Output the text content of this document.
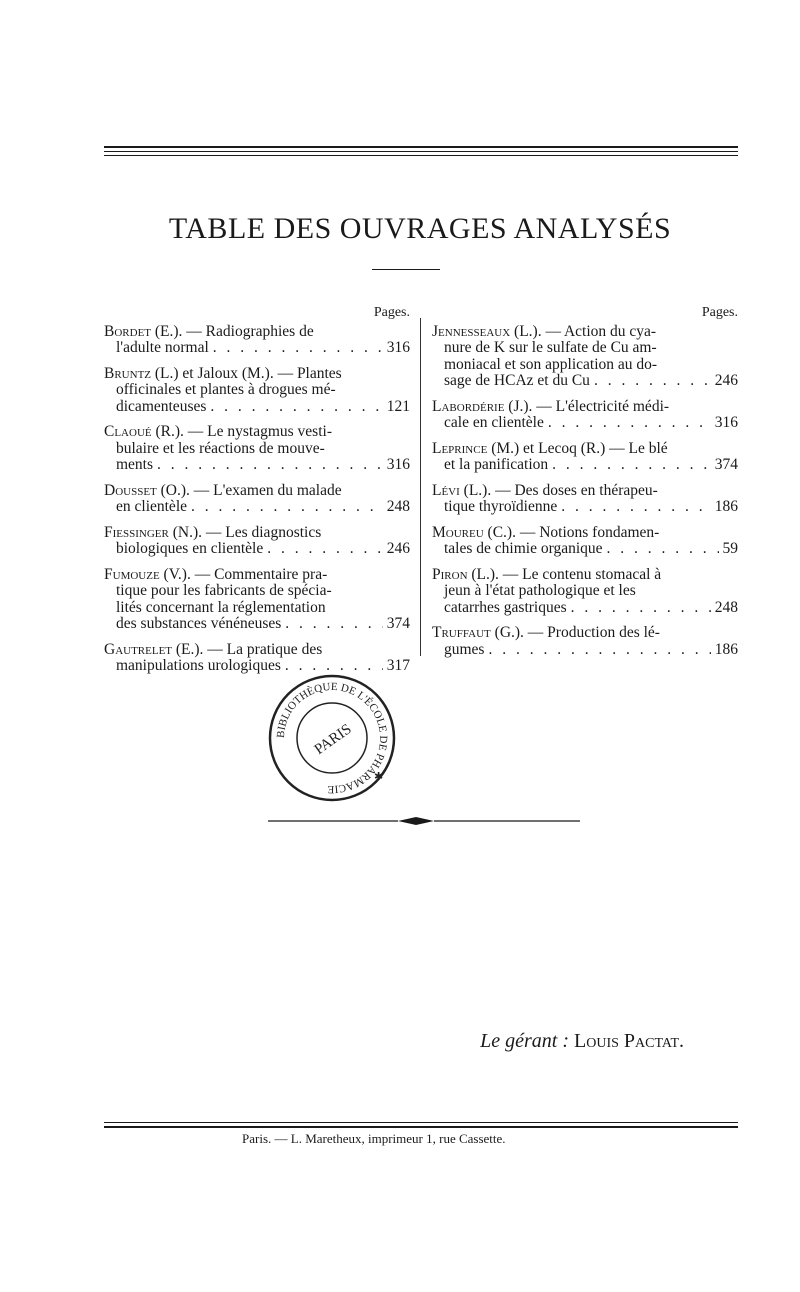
TABLE DES OUVRAGES ANALYSÉS
Pages.

Bordet (E.). — Radiographies de

l'adulte normal . . .	316

Bruntz (L.) et Jaloux (M.). — Plantes

officinales et plantes à drogues mé-

dicamenteuses . . .	121

Claoué (R.). — Le nystagmus vesti-

bulaire et les réactions de mouve-

ments . . .	316

Dousset (O.). — L'examen du malade

en clientèle . . .	248

Fiessinger (N.). — Les diagnostics

biologiques en clientèle . . .	246

Fumouze (V.). — Commentaire pra-

tique pour les fabricants de spécia-

lités concernant la réglementation

des substances vénéneuses . . .	374

Gautrelet (E.). — La pratique des

manipulations urologiques . . .	317
Pages.

Jennesseaux (L.). — Action du cya-

nure de K sur le sulfate de Cu am-

moniacal et son application au do-

sage de HCAz et du Cu . . .	246

Labordérie (J.). — L'électricité médi-

cale en clientèle . . .	316

Leprince (M.) et Lecoq (R.) — Le blé

et la panification . . .	374

Lévi (L.). — Des doses en thérapeu-

tique thyroïdienne . . .	186

Moureu (C.). — Notions fondamen-

tales de chimie organique . . .	59

Piron (L.). — Le contenu stomacal à

jeun à l'état pathologique et les

catarrhes gastriques . . .	248

Truffaut (G.). — Production des lé-

gumes . . .	186
BIBLIOTHÈQUE DE L'ÉCOLE DE PHARMACIE
PARIS
✱
Le gérant : Louis Pactat.
Paris. — L. Maretheux, imprimeur 1, rue Cassette.
